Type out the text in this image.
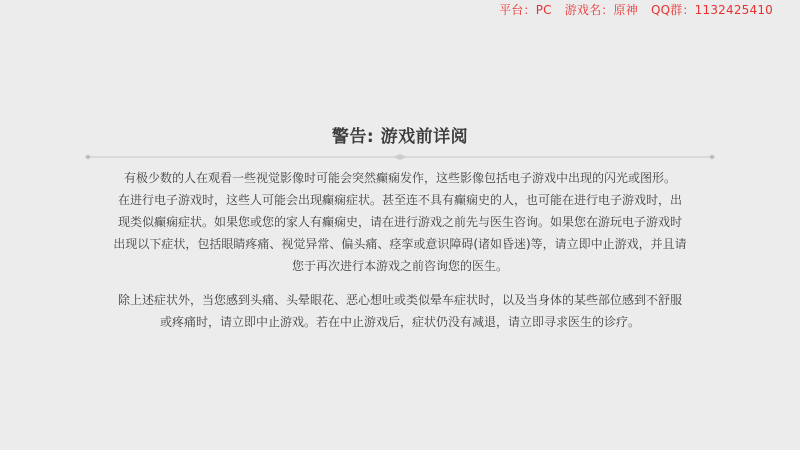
平台：PC 游戏名：原神 QQ群：1132425410
警告: 游戏前详阅
有极少数的人在观看一些视觉影像时可能会突然癫痫发作，这些影像包括电子游戏中出现的闪光或图形。
在进行电子游戏时，这些人可能会出现癫痫症状。甚至连不具有癫痫史的人，也可能在进行电子游戏时，出
现类似癫痫症状。如果您或您的家人有癫痫史，请在进行游戏之前先与医生咨询。如果您在游玩电子游戏时
出现以下症状，包括眼睛疼痛、视觉异常、偏头痛、痉挛或意识障碍(诸如昏迷)等，请立即中止游戏，并且请
您于再次进行本游戏之前咨询您的医生。
除上述症状外，当您感到头痛、头晕眼花、恶心想吐或类似晕车症状时，以及当身体的某些部位感到不舒服
或疼痛时，请立即中止游戏。若在中止游戏后，症状仍没有减退，请立即寻求医生的诊疗。
